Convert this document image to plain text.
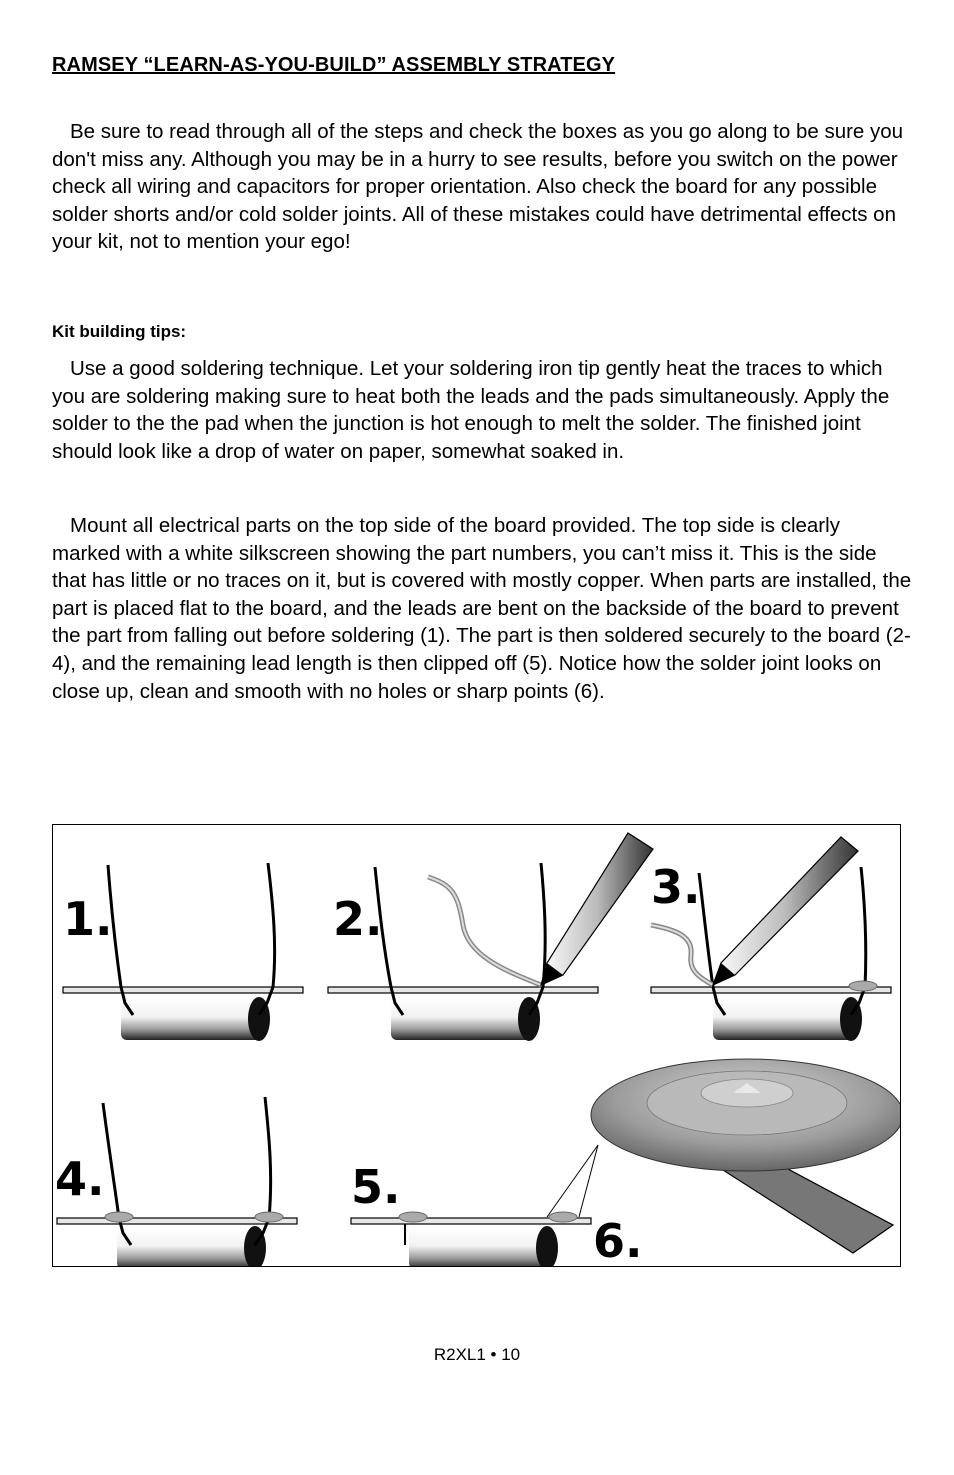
RAMSEY “LEARN-AS-YOU-BUILD” ASSEMBLY STRATEGY

Be sure to read through all of the steps and check the boxes as you go along to be sure you don't miss any. Although you may be in a hurry to see results, before you switch on the power check all wiring and capacitors for proper orientation. Also check the board for any possible solder shorts and/or cold solder joints. All of these mistakes could have detrimental effects on your kit, not to mention your ego!

Kit building tips:

Use a good soldering technique. Let your soldering iron tip gently heat the traces to which you are soldering making sure to heat both the leads and the pads simultaneously. Apply the solder to the the pad when the junction is hot enough to melt the solder. The finished joint should look like a drop of water on paper, somewhat soaked in.

Mount all electrical parts on the top side of the board provided. The top side is clearly marked with a white silkscreen showing the part numbers, you can’t miss it. This is the side that has little or no traces on it, but is covered with mostly copper. When parts are installed, the part is placed flat to the board, and the leads are bent on the backside of the board to prevent the part from falling out before soldering (1). The part is then soldered securely to the board (2-4), and the remaining lead length is then clipped off (5). Notice how the solder joint looks on close up, clean and smooth with no holes or sharp points (6).

1.	2.
3.
4.	5.
6.
R2XL1 • 10
